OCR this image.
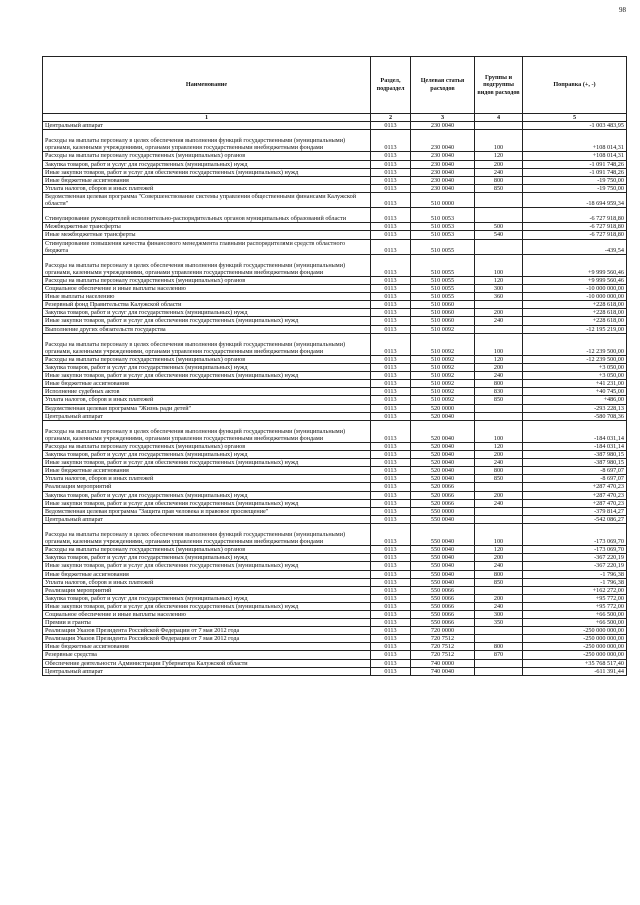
98
Наименование	Раздел, подраздел	Целевая статья расходов	Группы и подгруппы видов расходов	Поправка (+, -)
1	2	3	4	5
Центральный аппарат	0113	230 0040		-1 003 483,95
Расходы на выплаты персоналу в целях обеспечения выполнения функций государственными (муниципальными) органами, казенными учреждениями, органами управления государственными внебюджетными фондами	0113	230 0040	100	+108 014,31
Расходы на выплаты персоналу государственных (муниципальных) органов	0113	230 0040	120	+108 014,31
Закупка товаров, работ и услуг для государственных (муниципальных) нужд	0113	230 0040	200	-1 091 748,26
Иные закупки товаров, работ и услуг для обеспечения государственных (муниципальных) нужд	0113	230 0040	240	-1 091 748,26
Иные бюджетные ассигнования	0113	230 0040	800	-19 750,00
Уплата налогов, сборов и иных платежей	0113	230 0040	850	-19 750,00
Ведомственная целевая программа "Совершенствование системы управления общественными финансами Калужской области"	0113	510 0000		-18 694 959,34
Стимулирование руководителей исполнительно-распорядительных органов муниципальных образований области	0113	510 0053		-6 727 918,80
Межбюджетные трансферты	0113	510 0053	500	-6 727 918,80
Иные межбюджетные трансферты	0113	510 0053	540	-6 727 918,80
Стимулирование повышения качества финансового менеджмента главными распорядителями средств областного бюджета	0113	510 0055		-439,54
Расходы на выплаты персоналу в целях обеспечения выполнения функций государственными (муниципальными) органами, казенными учреждениями, органами управления государственными внебюджетными фондами	0113	510 0055	100	+9 999 560,46
Расходы на выплаты персоналу государственных (муниципальных) органов	0113	510 0055	120	+9 999 560,46
Социальное обеспечение и иные выплаты населению	0113	510 0055	300	-10 000 000,00
Иные выплаты населению	0113	510 0055	360	-10 000 000,00
Резервный фонд Правительства Калужской области	0113	510 0060		+228 618,00
Закупка товаров, работ и услуг для государственных (муниципальных) нужд	0113	510 0060	200	+228 618,00
Иные закупки товаров, работ и услуг для обеспечения государственных (муниципальных) нужд	0113	510 0060	240	+228 618,00
Выполнение других обязательств государства	0113	510 0092		-12 195 219,00
Расходы на выплаты персоналу в целях обеспечения выполнения функций государственными (муниципальными) органами, казенными учреждениями, органами управления государственными внебюджетными фондами	0113	510 0092	100	-12 239 500,00
Расходы на выплаты персоналу государственных (муниципальных) органов	0113	510 0092	120	-12 239 500,00
Закупка товаров, работ и услуг для государственных (муниципальных) нужд	0113	510 0092	200	+3 050,00
Иные закупки товаров, работ и услуг для обеспечения государственных (муниципальных) нужд	0113	510 0092	240	+3 050,00
Иные бюджетные ассигнования	0113	510 0092	800	+41 231,00
Исполнение судебных актов	0113	510 0092	830	+40 745,00
Уплата налогов, сборов и иных платежей	0113	510 0092	850	+486,00
Ведомственная целевая программа "Жизнь ради детей"	0113	520 0000		-293 228,13
Центральный аппарат	0113	520 0040		-580 708,36
Расходы на выплаты персоналу в целях обеспечения выполнения функций государственными (муниципальными) органами, казенными учреждениями, органами управления государственными внебюджетными фондами	0113	520 0040	100	-184 031,14
Расходы на выплаты персоналу государственных (муниципальных) органов	0113	520 0040	120	-184 031,14
Закупка товаров, работ и услуг для государственных (муниципальных) нужд	0113	520 0040	200	-387 980,15
Иные закупки товаров, работ и услуг для обеспечения государственных (муниципальных) нужд	0113	520 0040	240	-387 980,15
Иные бюджетные ассигнования	0113	520 0040	800	-8 697,07
Уплата налогов, сборов и иных платежей	0113	520 0040	850	-8 697,07
Реализация мероприятий	0113	520 0066		+287 470,23
Закупка товаров, работ и услуг для государственных (муниципальных) нужд	0113	520 0066	200	+287 470,23
Иные закупки товаров, работ и услуг для обеспечения государственных (муниципальных) нужд	0113	520 0066	240	+287 470,23
Ведомственная целевая программа "Защита прав человека и правовое просвещение"	0113	550 0000		-379 814,27
Центральный аппарат	0113	550 0040		-542 086,27
Расходы на выплаты персоналу в целях обеспечения выполнения функций государственными (муниципальными) органами, казенными учреждениями, органами управления государственными внебюджетными фондами	0113	550 0040	100	-173 069,70
Расходы на выплаты персоналу государственных (муниципальных) органов	0113	550 0040	120	-173 069,70
Закупка товаров, работ и услуг для государственных (муниципальных) нужд	0113	550 0040	200	-367 220,19
Иные закупки товаров, работ и услуг для обеспечения государственных (муниципальных) нужд	0113	550 0040	240	-367 220,19
Иные бюджетные ассигнования	0113	550 0040	800	-1 796,38
Уплата налогов, сборов и иных платежей	0113	550 0040	850	-1 796,38
Реализация мероприятий	0113	550 0066		+162 272,00
Закупка товаров, работ и услуг для государственных (муниципальных) нужд	0113	550 0066	200	+95 772,00
Иные закупки товаров, работ и услуг для обеспечения государственных (муниципальных) нужд	0113	550 0066	240	+95 772,00
Социальное обеспечение и иные выплаты населению	0113	550 0066	300	+66 500,00
Премии и гранты	0113	550 0066	350	+66 500,00
Реализация Указов Президента Российской Федерации от 7 мая 2012 года	0113	720 0000		-250 000 000,00
Реализация Указов Президента Российской Федерации от 7 мая 2012 года	0113	720 7512		-250 000 000,00
Иные бюджетные ассигнования	0113	720 7512	800	-250 000 000,00
Резервные средства	0113	720 7512	870	-250 000 000,00
Обеспечение деятельности Администрации Губернатора Калужской области	0113	740 0000		+35 768 517,40
Центральный аппарат	0113	740 0040		-611 391,44
